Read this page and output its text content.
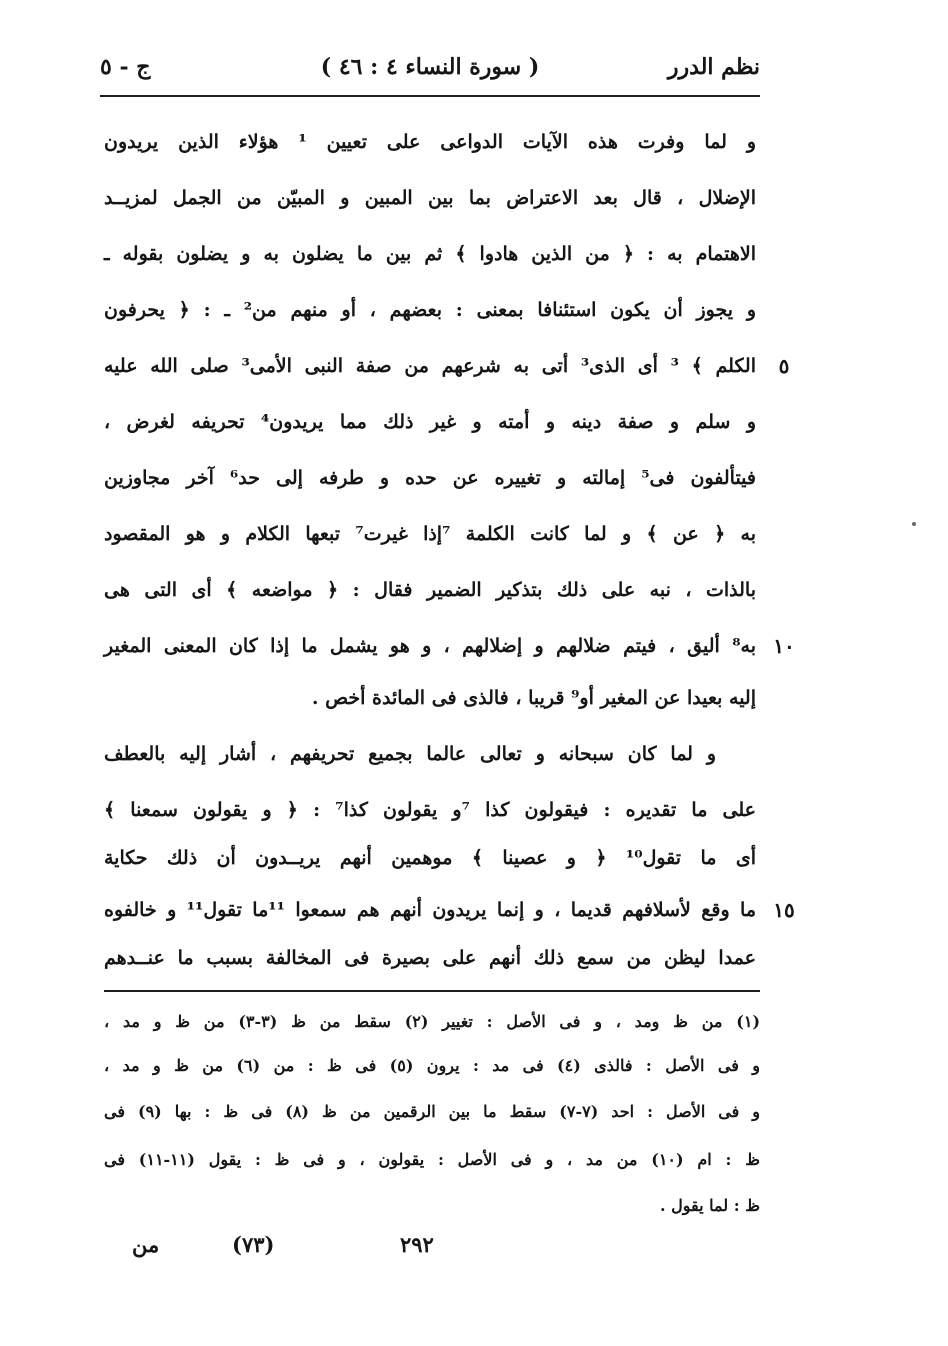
نظم الدرر
( سورة النساء ٤ : ٤٦ )
ج - ٥
و لما وفرت هذه الآيات الدواعى على تعيين ¹ هؤلاء الذين يريدون
الإضلال ، قال بعد الاعتراض بما بين المبين و المبيّن من الجمل لمزيــد
الاهتمام به : ﴿ من الذين هادوا ﴾ ثم بين ما يضلون به و يضلون بقوله ـ
و يجوز أن يكون استئنافا بمعنى : بعضهم ، أو منهم من² ـ : ﴿ يحرفون
الكلم ﴾ ³ أى الذى³ أتى به شرعهم من صفة النبى الأمى³ صلى الله عليه
و سلم و صفة دينه و أمته و غير ذلك مما يريدون⁴ تحريفه لغرض ،
فيتألفون فى⁵ إمالته و تغييره عن حده و طرفه إلى حد⁶ آخر مجاوزين
به ﴿ عن ﴾ و لما كانت الكلمة ⁷إذا غيرت⁷ تبعها الكلام و هو المقصود
بالذات ، نبه على ذلك بتذكير الضمير فقال : ﴿ مواضعه ﴾ أى التى هى
به⁸ أليق ، فيتم ضلالهم و إضلالهم ، و هو يشمل ما إذا كان المعنى المغير
إليه بعيدا عن المغير أو⁹ قريبا ، فالذى فى المائدة أخص .
و لما كان سبحانه و تعالى عالما بجميع تحريفهم ، أشار إليه بالعطف
على ما تقديره : فيقولون كذا ⁷و يقولون كذا⁷ : ﴿ و يقولون سمعنا ﴾
أى ما تقول¹⁰ ﴿ و عصينا ﴾ موهمين أنهم يريــدون أن ذلك حكاية
ما وقع لأسلافهم قديما ، و إنما يريدون أنهم هم سمعوا ¹¹ما تقول¹¹ و خالفوه
عمدا ليظن من سمع ذلك أنهم على بصيرة فى المخالفة بسبب ما عنــدهم
٥
١٠
١٥
(١) من ظ ومد ، و فى الأصل : تغيير (٢) سقط من ظ (٣-٣) من ظ و مد ،
و فى الأصل : فالذى (٤) فى مد : يرون (٥) فى ظ : من (٦) من ظ و مد ،
و فى الأصل : احد (٧-٧) سقط ما بين الرقمين من ظ (٨) فى ظ : بها (٩) فى
ظ : ام (١٠) من مد ، و فى الأصل : يقولون ، و فى ظ : يقول (١١-١١) فى
ظ : لما يقول .
٢٩٢
(٧٣)
من
